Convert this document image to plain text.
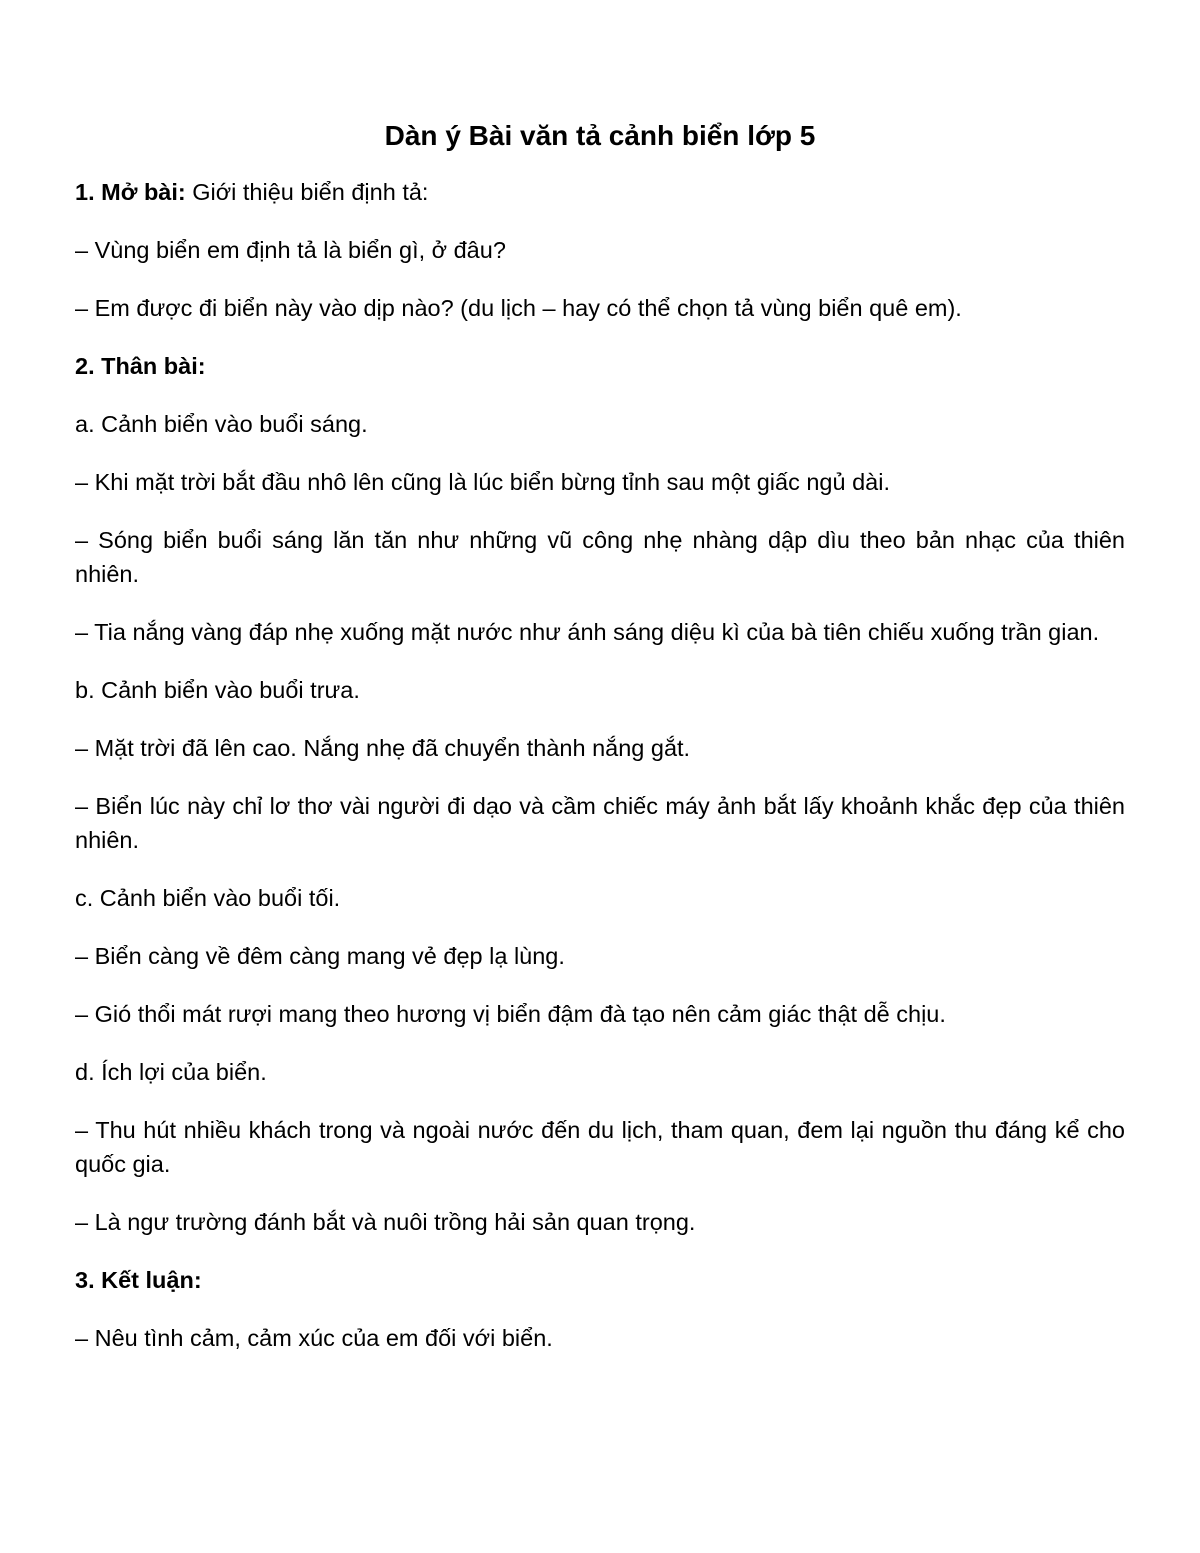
Dàn ý Bài văn tả cảnh biển lớp 5
1. Mở bài: Giới thiệu biển định tả:
– Vùng biển em định tả là biển gì, ở đâu?
– Em được đi biển này vào dịp nào? (du lịch – hay có thể chọn tả vùng biển quê em).
2. Thân bài:
a. Cảnh biển vào buổi sáng.
– Khi mặt trời bắt đầu nhô lên cũng là lúc biển bừng tỉnh sau một giấc ngủ dài.
– Sóng biển buổi sáng lăn tăn như những vũ công nhẹ nhàng dập dìu theo bản nhạc của thiên nhiên.
– Tia nắng vàng đáp nhẹ xuống mặt nước như ánh sáng diệu kì của bà tiên chiếu xuống trần gian.
b. Cảnh biển vào buổi trưa.
– Mặt trời đã lên cao. Nắng nhẹ đã chuyển thành nắng gắt.
– Biển lúc này chỉ lơ thơ vài người đi dạo và cầm chiếc máy ảnh bắt lấy khoảnh khắc đẹp của thiên nhiên.
c. Cảnh biển vào buổi tối.
– Biển càng về đêm càng mang vẻ đẹp lạ lùng.
– Gió thổi mát rượi mang theo hương vị biển đậm đà tạo nên cảm giác thật dễ chịu.
d. Ích lợi của biển.
– Thu hút nhiều khách trong và ngoài nước đến du lịch, tham quan, đem lại nguồn thu đáng kể cho quốc gia.
– Là ngư trường đánh bắt và nuôi trồng hải sản quan trọng.
3. Kết luận:
– Nêu tình cảm, cảm xúc của em đối với biển.
